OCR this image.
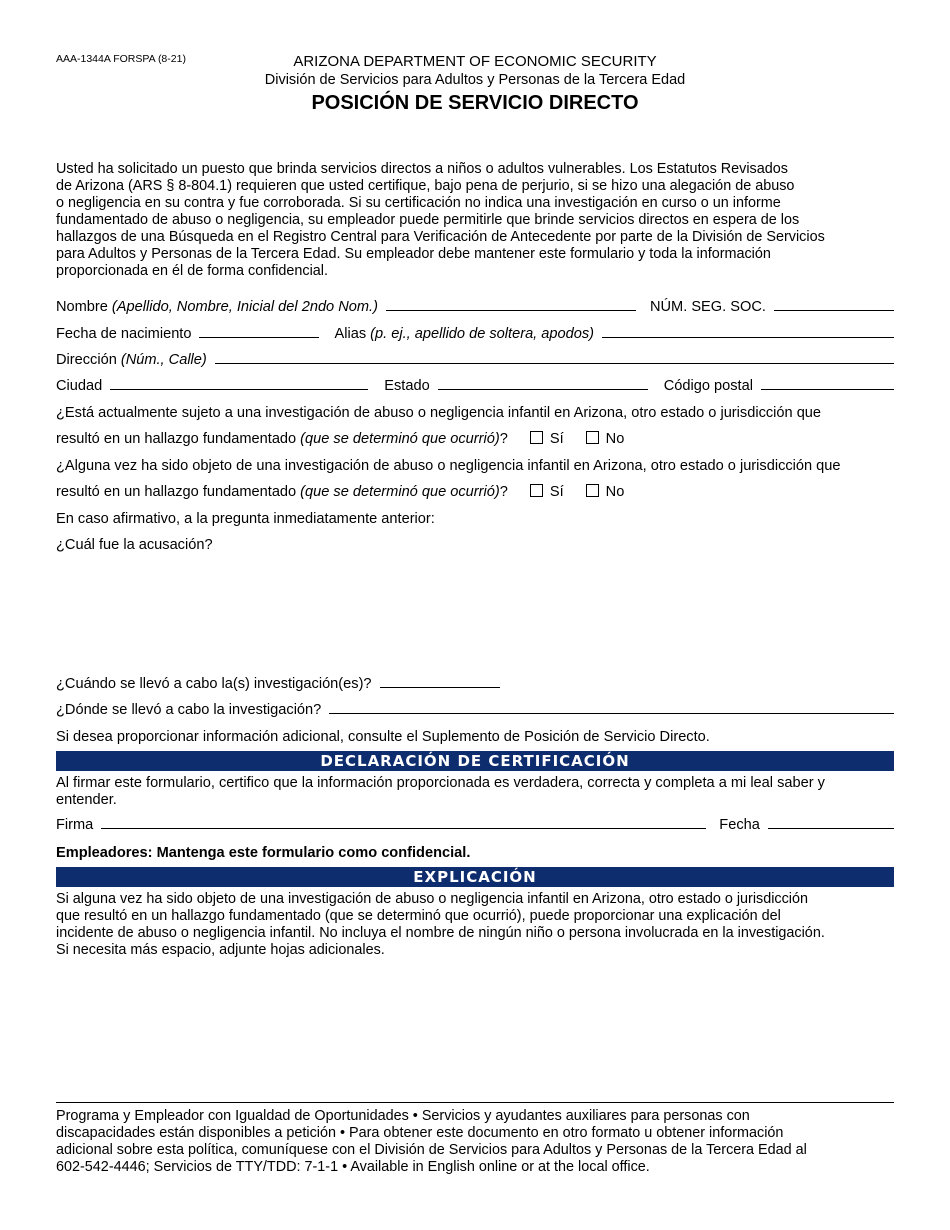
AAA-1344A FORSPA (8-21)	ARIZONA DEPARTMENT OF ECONOMIC SECURITY
División de Servicios para Adultos y Personas de la Tercera Edad
POSICIÓN DE SERVICIO DIRECTO
Usted ha solicitado un puesto que brinda servicios directos a niños o adultos vulnerables. Los Estatutos Revisados
de Arizona (ARS § 8-804.1) requieren que usted certifique, bajo pena de perjurio, si se hizo una alegación de abuso
o negligencia en su contra y fue corroborada. Si su certificación no indica una investigación en curso o un informe
fundamentado de abuso o negligencia, su empleador puede permitirle que brinde servicios directos en espera de los
hallazgos de una Búsqueda en el Registro Central para Verificación de Antecedente por parte de la División de Servicios
para Adultos y Personas de la Tercera Edad. Su empleador debe mantener este formulario y toda la información
proporcionada en él de forma confidencial.
Nombre (Apellido, Nombre, Inicial del 2ndo Nom.)	NÚM. SEG. SOC.
Fecha de nacimiento	Alias (p. ej., apellido de soltera, apodos)
Dirección (Núm., Calle)
Ciudad	Estado	Código postal
¿Está actualmente sujeto a una investigación de abuso o negligencia infantil en Arizona, otro estado o jurisdicción que
resultó en un hallazgo fundamentado (que se determinó que ocurrió) ?	Sí	No
¿Alguna vez ha sido objeto de una investigación de abuso o negligencia infantil en Arizona, otro estado o jurisdicción que
resultó en un hallazgo fundamentado (que se determinó que ocurrió) ?	Sí	No
En caso afirmativo, a la pregunta inmediatamente anterior:
¿Cuál fue la acusación?
¿Cuándo se llevó a cabo la(s) investigación(es)?
¿Dónde se llevó a cabo la investigación?
Si desea proporcionar información adicional, consulte el Suplemento de Posición de Servicio Directo.
DECLARACIÓN DE CERTIFICACIÓN
Al firmar este formulario, certifico que la información proporcionada es verdadera, correcta y completa a mi leal saber y
entender.
Firma	Fecha
Empleadores: Mantenga este formulario como confidencial.
EXPLICACIÓN
Si alguna vez ha sido objeto de una investigación de abuso o negligencia infantil en Arizona, otro estado o jurisdicción
que resultó en un hallazgo fundamentado (que se determinó que ocurrió), puede proporcionar una explicación del
incidente de abuso o negligencia infantil. No incluya el nombre de ningún niño o persona involucrada en la investigación.
Si necesita más espacio, adjunte hojas adicionales.
Programa y Empleador con Igualdad de Oportunidades • Servicios y ayudantes auxiliares para personas con
discapacidades están disponibles a petición • Para obtener este documento en otro formato u obtener información
adicional sobre esta política, comuníquese con el División de Servicios para Adultos y Personas de la Tercera Edad al
602-542-4446; Servicios de TTY/TDD: 7-1-1 • Available in English online or at the local office.
